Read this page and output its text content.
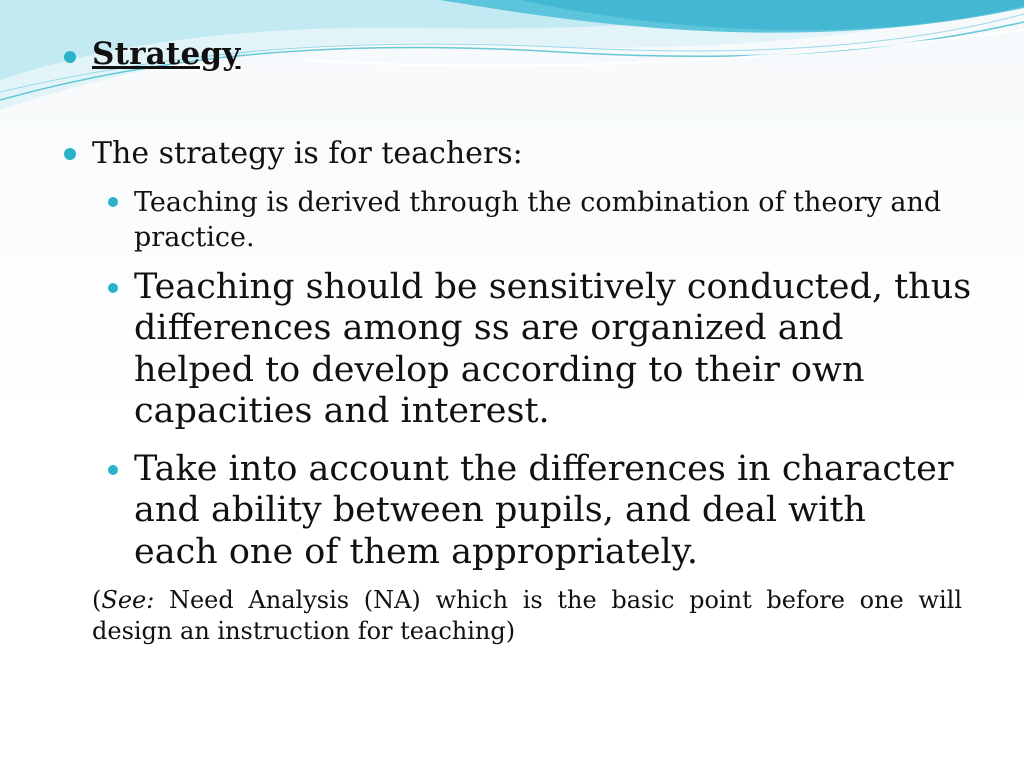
Strategy
The strategy is for teachers:
Teaching is derived through the combination of theory and practice.
Teaching should be sensitively conducted, thus differences among ss are organized and helped to develop according to their own capacities and interest.
Take into account the differences in character and ability between pupils, and deal with each one of them appropriately.
(See: Need Analysis (NA) which is the basic point before one will design an instruction for teaching)
